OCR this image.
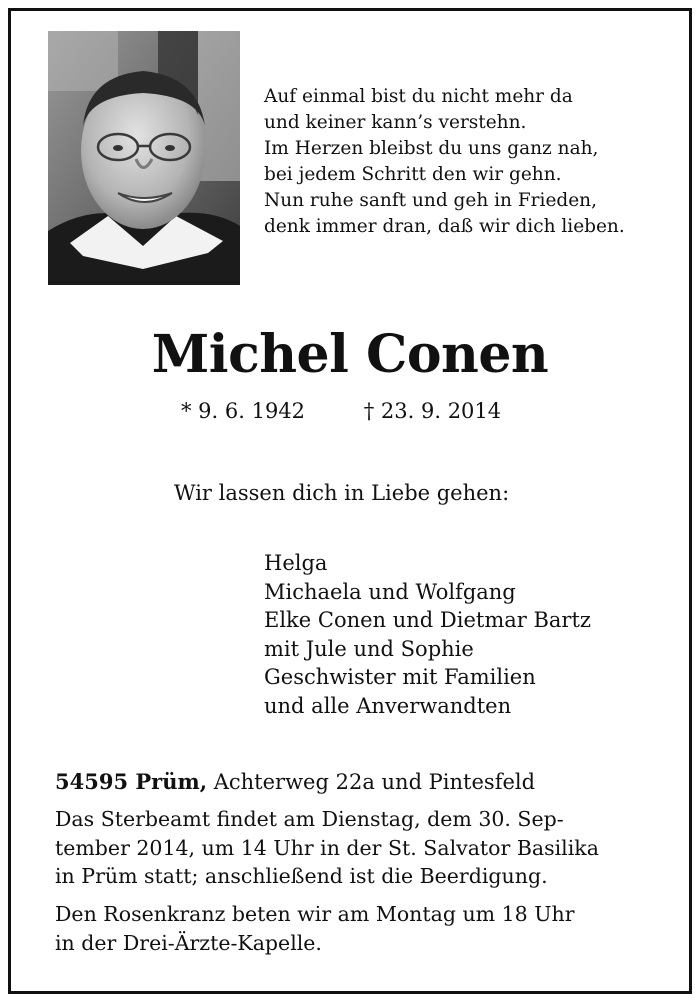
Auf einmal bist du nicht mehr da
und keiner kann’s verstehn.
Im Herzen bleibst du uns ganz nah,
bei jedem Schritt den wir gehn.
Nun ruhe sanft und geh in Frieden,
denk immer dran, daß wir dich lieben.
Michel Conen
* 9. 6. 1942	† 23. 9. 2014
Wir lassen dich in Liebe gehen:
Helga
Michaela und Wolfgang
Elke Conen und Dietmar Bartz
mit Jule und Sophie
Geschwister mit Familien
und alle Anverwandten
54595 Prüm, Achterweg 22a und Pintesfeld
Das Sterbeamt findet am Dienstag, dem 30. Sep-
tember 2014, um 14 Uhr in der St. Salvator Basilika
in Prüm statt; anschließend ist die Beerdigung.
Den Rosenkranz beten wir am Montag um 18 Uhr
in der Drei-Ärzte-Kapelle.
